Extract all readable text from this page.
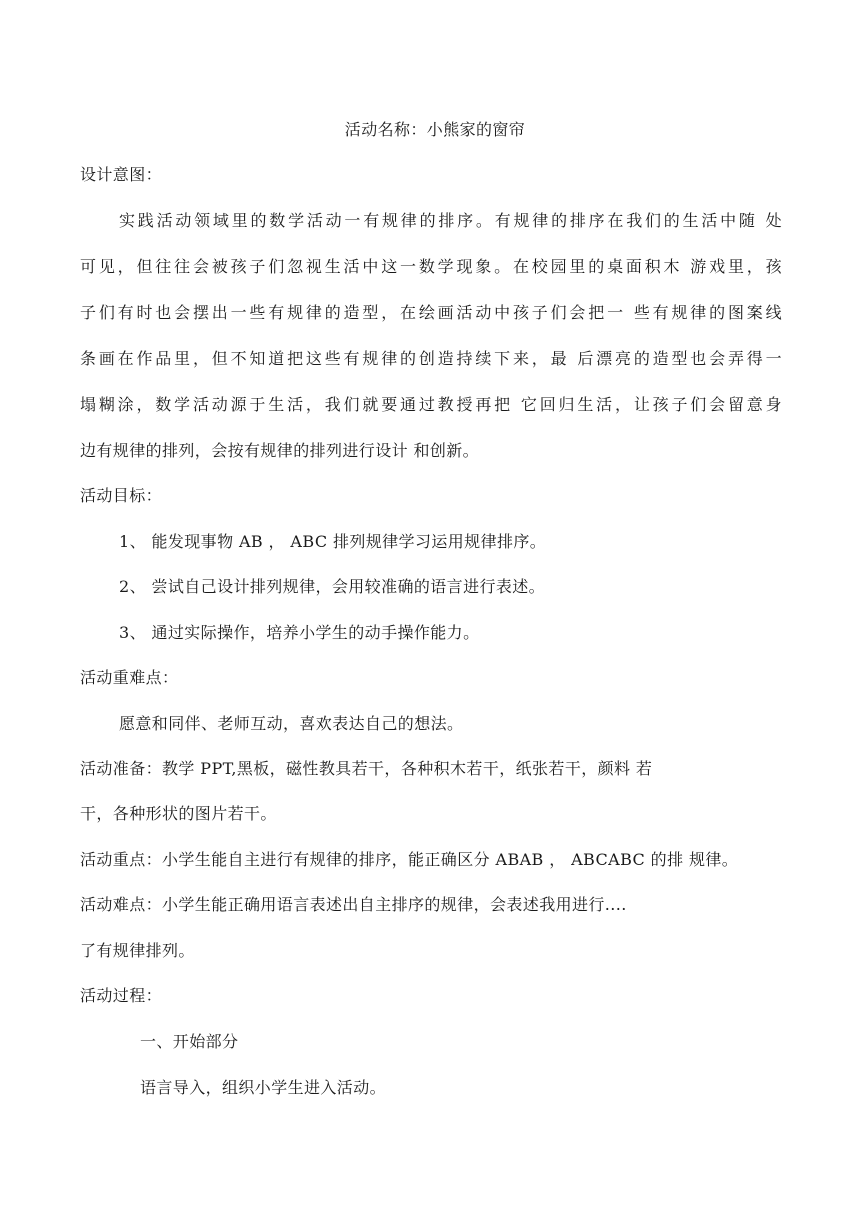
活动名称：小熊家的窗帘
设计意图：
实践活动领域里的数学活动一有规律的排序。有规律的排序在我们的生活中随 处
可见，但往往会被孩子们忽视生活中这一数学现象。在校园里的桌面积木 游戏里，孩
子们有时也会摆出一些有规律的造型，在绘画活动中孩子们会把一 些有规律的图案线
条画在作品里，但不知道把这些有规律的创造持续下来，最 后漂亮的造型也会弄得一
塌糊涂，数学活动源于生活，我们就要通过教授再把 它回归生活，让孩子们会留意身
边有规律的排列，会按有规律的排列进行设计 和创新。
活动目标：
1、 能发现事物 AB ， ABC 排列规律学习运用规律排序。
2、 尝试自己设计排列规律，会用较准确的语言进行表述。
3、 通过实际操作，培养小学生的动手操作能力。
活动重难点：
愿意和同伴、老师互动，喜欢表达自己的想法。
活动准备：教学 PPT,黑板，磁性教具若干，各种积木若干，纸张若干，颜料 若
干，各种形状的图片若干。
活动重点：小学生能自主进行有规律的排序，能正确区分 ABAB ， ABCABC 的排 规律。
活动难点：小学生能正确用语言表述出自主排序的规律，会表述我用进行....
了有规律排列。
活动过程：
一、开始部分
语言导入，组织小学生进入活动。
